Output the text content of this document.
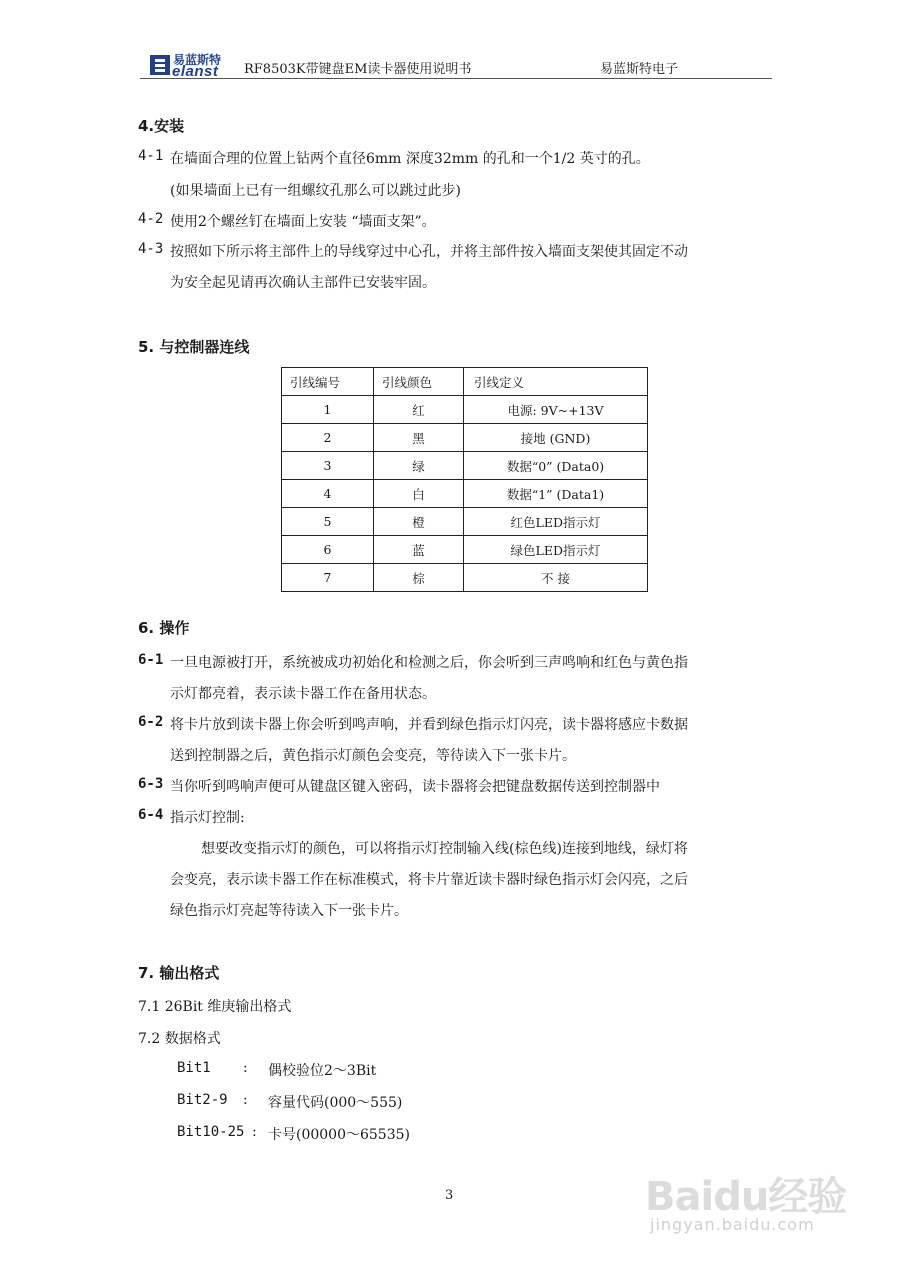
易蓝斯特
elanst RF8503K带键盘EM读卡器使用说明书	易蓝斯特电子
4.安装
4-1 在墙面合理的位置上钻两个直径6mm 深度32mm 的孔和一个1/2 英寸的孔。
(如果墙面上已有一组螺纹孔那么可以跳过此步)
4-2 使用2个螺丝钉在墙面上安装 “墙面支架”。
4-3 按照如下所示将主部件上的导线穿过中心孔，并将主部件按入墙面支架使其固定不动
为安全起见请再次确认主部件已安装牢固。
5. 与控制器连线
引线编号	引线颜色	引线定义
1	红	电源: 9V~+13V
2	黑	接地 (GND)
3	绿	数据“0” (Data0)
4	白	数据“1” (Data1)
5	橙	红色LED指示灯
6	蓝	绿色LED指示灯
7	棕	不 接
6. 操作
6-1 一旦电源被打开，系统被成功初始化和检测之后，你会听到三声鸣响和红色与黄色指
示灯都亮着，表示读卡器工作在备用状态。
6-2 将卡片放到读卡器上你会听到鸣声响，并看到绿色指示灯闪亮，读卡器将感应卡数据
送到控制器之后，黄色指示灯颜色会变亮，等待读入下一张卡片。
6-3 当你听到鸣响声便可从键盘区键入密码，读卡器将会把键盘数据传送到控制器中
6-4 指示灯控制:
想要改变指示灯的颜色，可以将指示灯控制输入线(棕色线)连接到地线，绿灯将
会变亮，表示读卡器工作在标准模式，将卡片靠近读卡器时绿色指示灯会闪亮，之后
绿色指示灯亮起等待读入下一张卡片。
7. 输出格式
7.1 26Bit 维庚输出格式
7.2 数据格式
Bit1 : 偶校验位2～3Bit
Bit2-9 : 容量代码(000～555)
Bit10-25 : 卡号(00000～65535)
3	Baidu经验
jingyan.baidu.com
